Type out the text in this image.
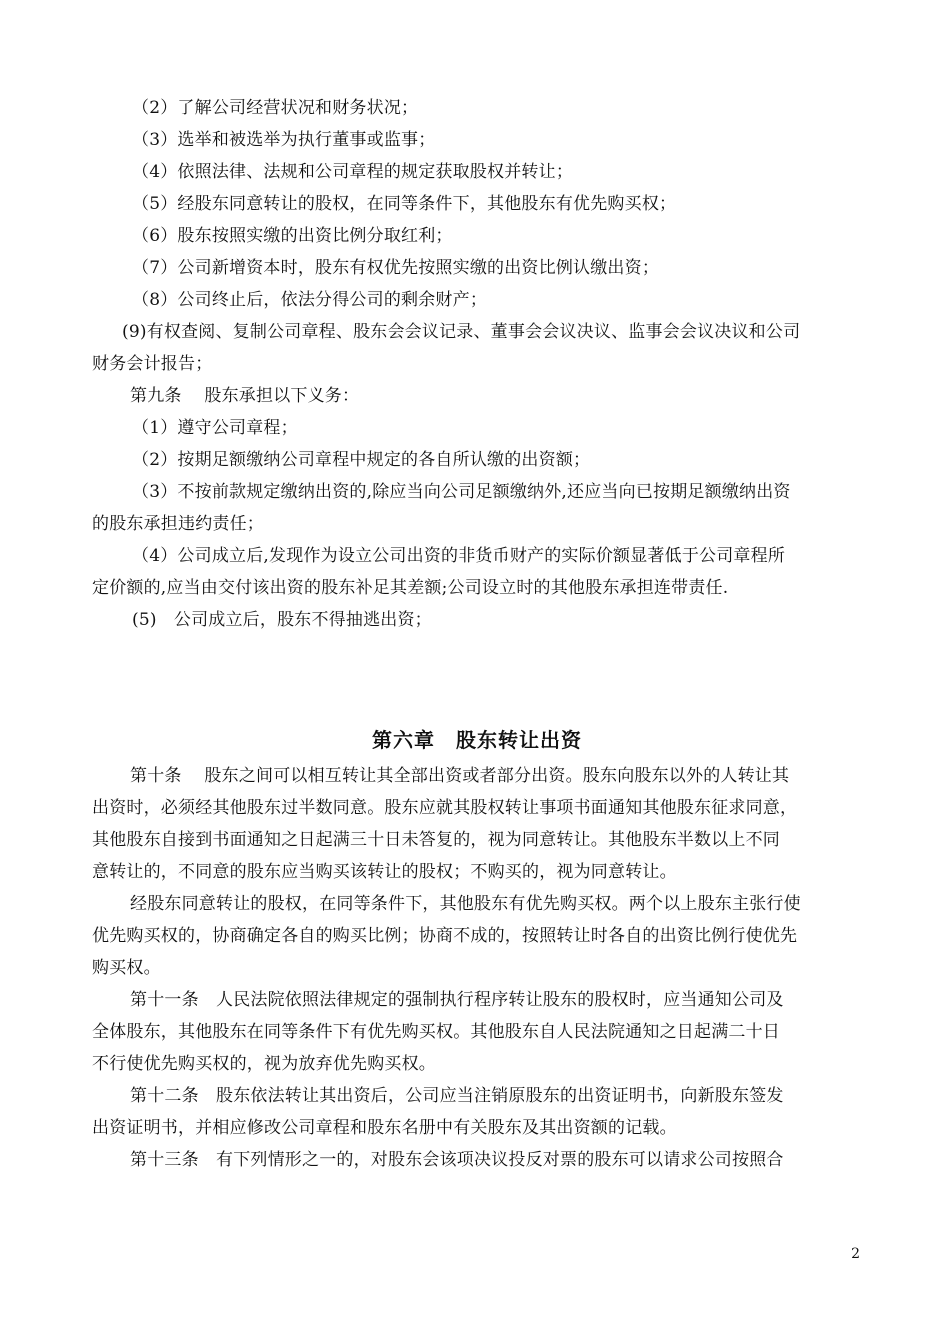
（2）了解公司经营状况和财务状况；
（3）选举和被选举为执行董事或监事；
（4）依照法律、法规和公司章程的规定获取股权并转让；
（5）经股东同意转让的股权，在同等条件下，其他股东有优先购买权；
（6）股东按照实缴的出资比例分取红利；
（7）公司新增资本时，股东有权优先按照实缴的出资比例认缴出资；
（8）公司终止后，依法分得公司的剩余财产；
(9)有权查阅、复制公司章程、股东会会议记录、董事会会议决议、监事会会议决议和公司
财务会计报告；
第九条　 股东承担以下义务：
（1）遵守公司章程；
（2）按期足额缴纳公司章程中规定的各自所认缴的出资额；
（3）不按前款规定缴纳出资的,除应当向公司足额缴纳外,还应当向已按期足额缴纳出资
的股东承担违约责任；
（4）公司成立后,发现作为设立公司出资的非货币财产的实际价额显著低于公司章程所
定价额的,应当由交付该出资的股东补足其差额;公司设立时的其他股东承担连带责任.
(5)　公司成立后，股东不得抽逃出资；
第六章　股东转让出资
第十条　 股东之间可以相互转让其全部出资或者部分出资。股东向股东以外的人转让其
出资时，必须经其他股东过半数同意。股东应就其股权转让事项书面通知其他股东征求同意，
其他股东自接到书面通知之日起满三十日未答复的，视为同意转让。其他股东半数以上不同
意转让的，不同意的股东应当购买该转让的股权；不购买的，视为同意转让。
经股东同意转让的股权，在同等条件下，其他股东有优先购买权。两个以上股东主张行使
优先购买权的，协商确定各自的购买比例；协商不成的，按照转让时各自的出资比例行使优先
购买权。
第十一条　人民法院依照法律规定的强制执行程序转让股东的股权时，应当通知公司及
全体股东，其他股东在同等条件下有优先购买权。其他股东自人民法院通知之日起满二十日
不行使优先购买权的，视为放弃优先购买权。
第十二条　股东依法转让其出资后，公司应当注销原股东的出资证明书，向新股东签发
出资证明书，并相应修改公司章程和股东名册中有关股东及其出资额的记载。
第十三条　有下列情形之一的，对股东会该项决议投反对票的股东可以请求公司按照合
2
